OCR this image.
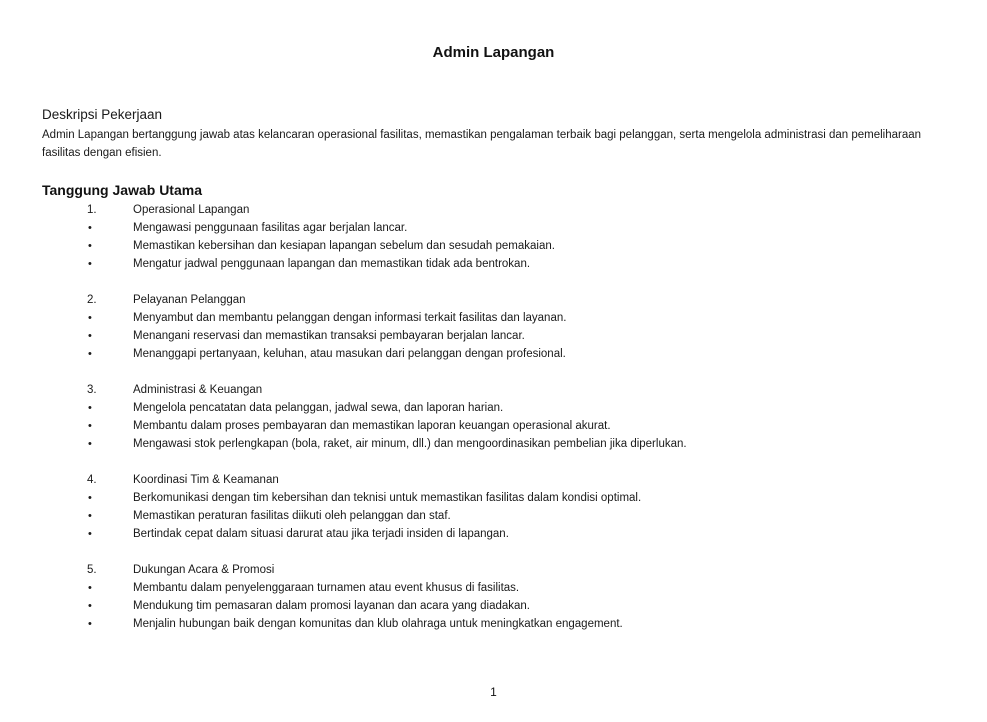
Admin Lapangan
Deskripsi Pekerjaan
Admin Lapangan bertanggung jawab atas kelancaran operasional fasilitas, memastikan pengalaman terbaik bagi pelanggan, serta mengelola administrasi dan pemeliharaan fasilitas dengan efisien.
Tanggung Jawab Utama
1.	Operasional Lapangan
•	Mengawasi penggunaan fasilitas agar berjalan lancar.
•	Memastikan kebersihan dan kesiapan lapangan sebelum dan sesudah pemakaian.
•	Mengatur jadwal penggunaan lapangan dan memastikan tidak ada bentrokan.
2.	Pelayanan Pelanggan
•	Menyambut dan membantu pelanggan dengan informasi terkait fasilitas dan layanan.
•	Menangani reservasi dan memastikan transaksi pembayaran berjalan lancar.
•	Menanggapi pertanyaan, keluhan, atau masukan dari pelanggan dengan profesional.
3.	Administrasi & Keuangan
•	Mengelola pencatatan data pelanggan, jadwal sewa, dan laporan harian.
•	Membantu dalam proses pembayaran dan memastikan laporan keuangan operasional akurat.
•	Mengawasi stok perlengkapan (bola, raket, air minum, dll.) dan mengoordinasikan pembelian jika diperlukan.
4.	Koordinasi Tim & Keamanan
•	Berkomunikasi dengan tim kebersihan dan teknisi untuk memastikan fasilitas dalam kondisi optimal.
•	Memastikan peraturan fasilitas diikuti oleh pelanggan dan staf.
•	Bertindak cepat dalam situasi darurat atau jika terjadi insiden di lapangan.
5.	Dukungan Acara & Promosi
•	Membantu dalam penyelenggaraan turnamen atau event khusus di fasilitas.
•	Mendukung tim pemasaran dalam promosi layanan dan acara yang diadakan.
•	Menjalin hubungan baik dengan komunitas dan klub olahraga untuk meningkatkan engagement.
1
